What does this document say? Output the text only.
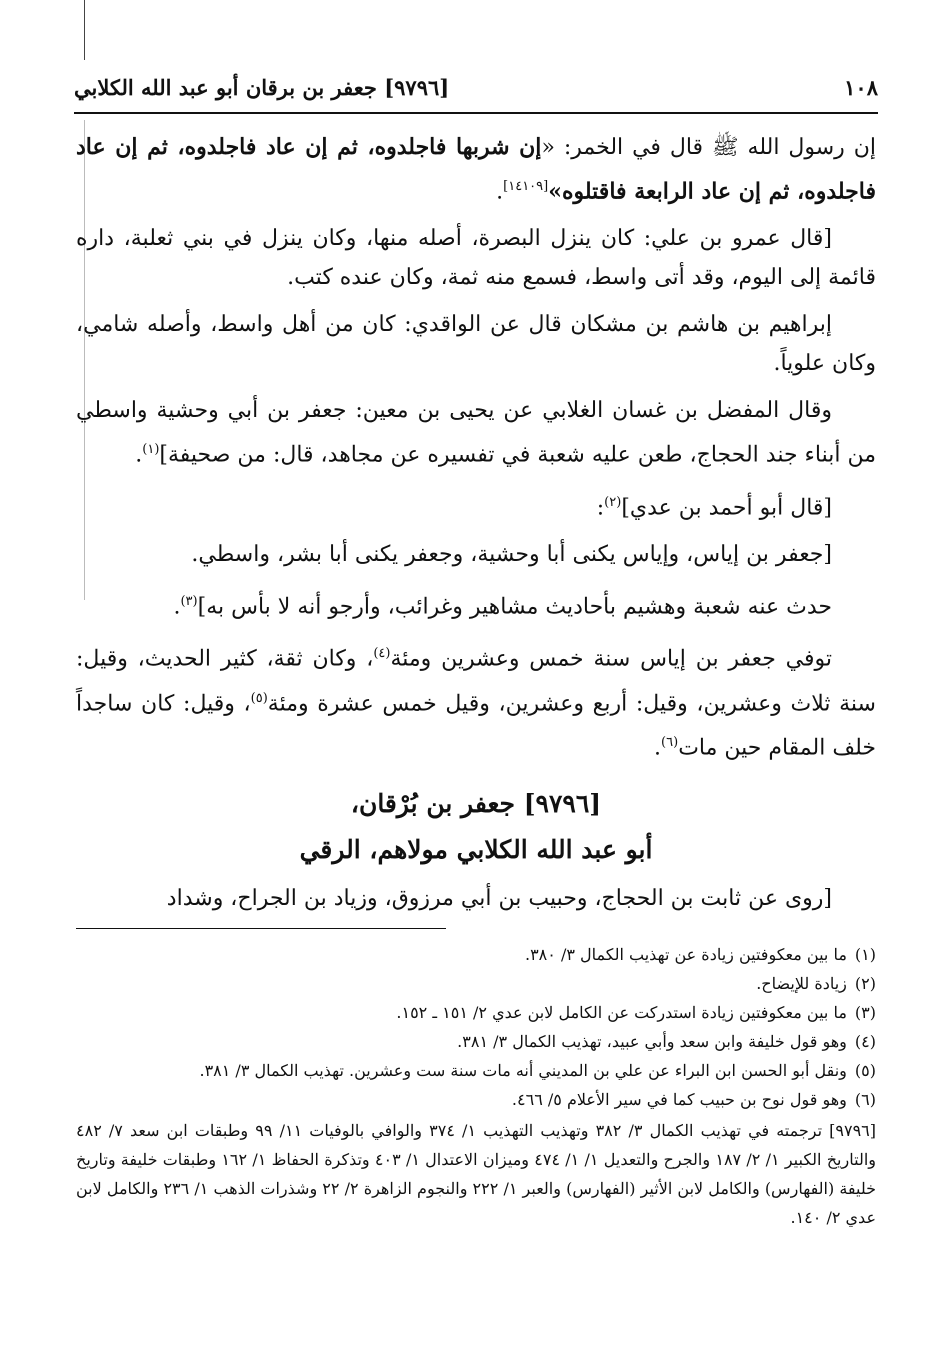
١٠٨
[٩٧٩٦] جعفر بن برقان أبو عبد الله الكلابي

إن رسول الله ﷺ قال في الخمر: «إن شربها فاجلدوه، ثم إن عاد فاجلدوه، ثم إن عاد فاجلدوه، ثم إن عاد الرابعة فاقتلوه»[١٤١٠٩].

[قال عمرو بن علي: كان ينزل البصرة، أصله منها، وكان ينزل في بني ثعلبة، داره قائمة إلى اليوم، وقد أتى واسط، فسمع منه ثمة، وكان عنده كتب.

إبراهيم بن هاشم بن مشكان قال عن الواقدي: كان من أهل واسط، وأصله شامي، وكان علوياً.

وقال المفضل بن غسان الغلابي عن يحيى بن معين: جعفر بن أبي وحشية واسطي من أبناء جند الحجاج، طعن عليه شعبة في تفسيره عن مجاهد، قال: من صحيفة]$^{(١)}$.

[قال أبو أحمد بن عدي]$^{(٢)}$:

[جعفر بن إياس، وإياس يكنى أبا وحشية، وجعفر يكنى أبا بشر، واسطي.

حدث عنه شعبة وهشيم بأحاديث مشاهير وغرائب، وأرجو أنه لا بأس به]$^{(٣)}$.

توفي جعفر بن إياس سنة خمس وعشرين ومئة$^{(٤)}$، وكان ثقة، كثير الحديث، وقيل: سنة ثلاث وعشرين، وقيل: أربع وعشرين، وقيل خمس عشرة ومئة$^{(٥)}$، وقيل: كان ساجداً خلف المقام حين مات$^{(٦)}$.

[٩٧٩٦] جعفر بن بُرْقان،
أبو عبد الله الكلابي مولاهم، الرقي

[روى عن ثابت بن الحجاج، وحبيب بن أبي مرزوق، وزياد بن الجراح، وشداد

(١)
ما بين معكوفتين زيادة عن تهذيب الكمال ٣/ ٣٨٠.
(٢)
زيادة للإيضاح.
(٣)
ما بين معكوفتين زيادة استدركت عن الكامل لابن عدي ٢/ ١٥١ ـ ١٥٢.
(٤)
وهو قول خليفة وابن سعد وأبي عبيد، تهذيب الكمال ٣/ ٣٨١.
(٥)
ونقل أبو الحسن ابن البراء عن علي بن المديني أنه مات سنة ست وعشرين. تهذيب الكمال ٣/ ٣٨١.
(٦)
وهو قول نوح بن حبيب كما في سير الأعلام ٥/ ٤٦٦.
[٩٧٩٦] ترجمته في تهذيب الكمال ٣/ ٣٨٢ وتهذيب التهذيب ١/ ٣٧٤ والوافي بالوفيات ١١/ ٩٩ وطبقات ابن سعد ٧/ ٤٨٢ والتاريخ الكبير ١/ ٢/ ١٨٧ والجرح والتعديل ١/ ١/ ٤٧٤ وميزان الاعتدال ١/ ٤٠٣ وتذكرة الحفاظ ١/ ١٦٢ وطبقات خليفة وتاريخ خليفة (الفهارس) والكامل لابن الأثير (الفهارس) والعبر ١/ ٢٢٢ والنجوم الزاهرة ٢/ ٢٢ وشذرات الذهب ١/ ٢٣٦ والكامل لابن عدي ٢/ ١٤٠.
